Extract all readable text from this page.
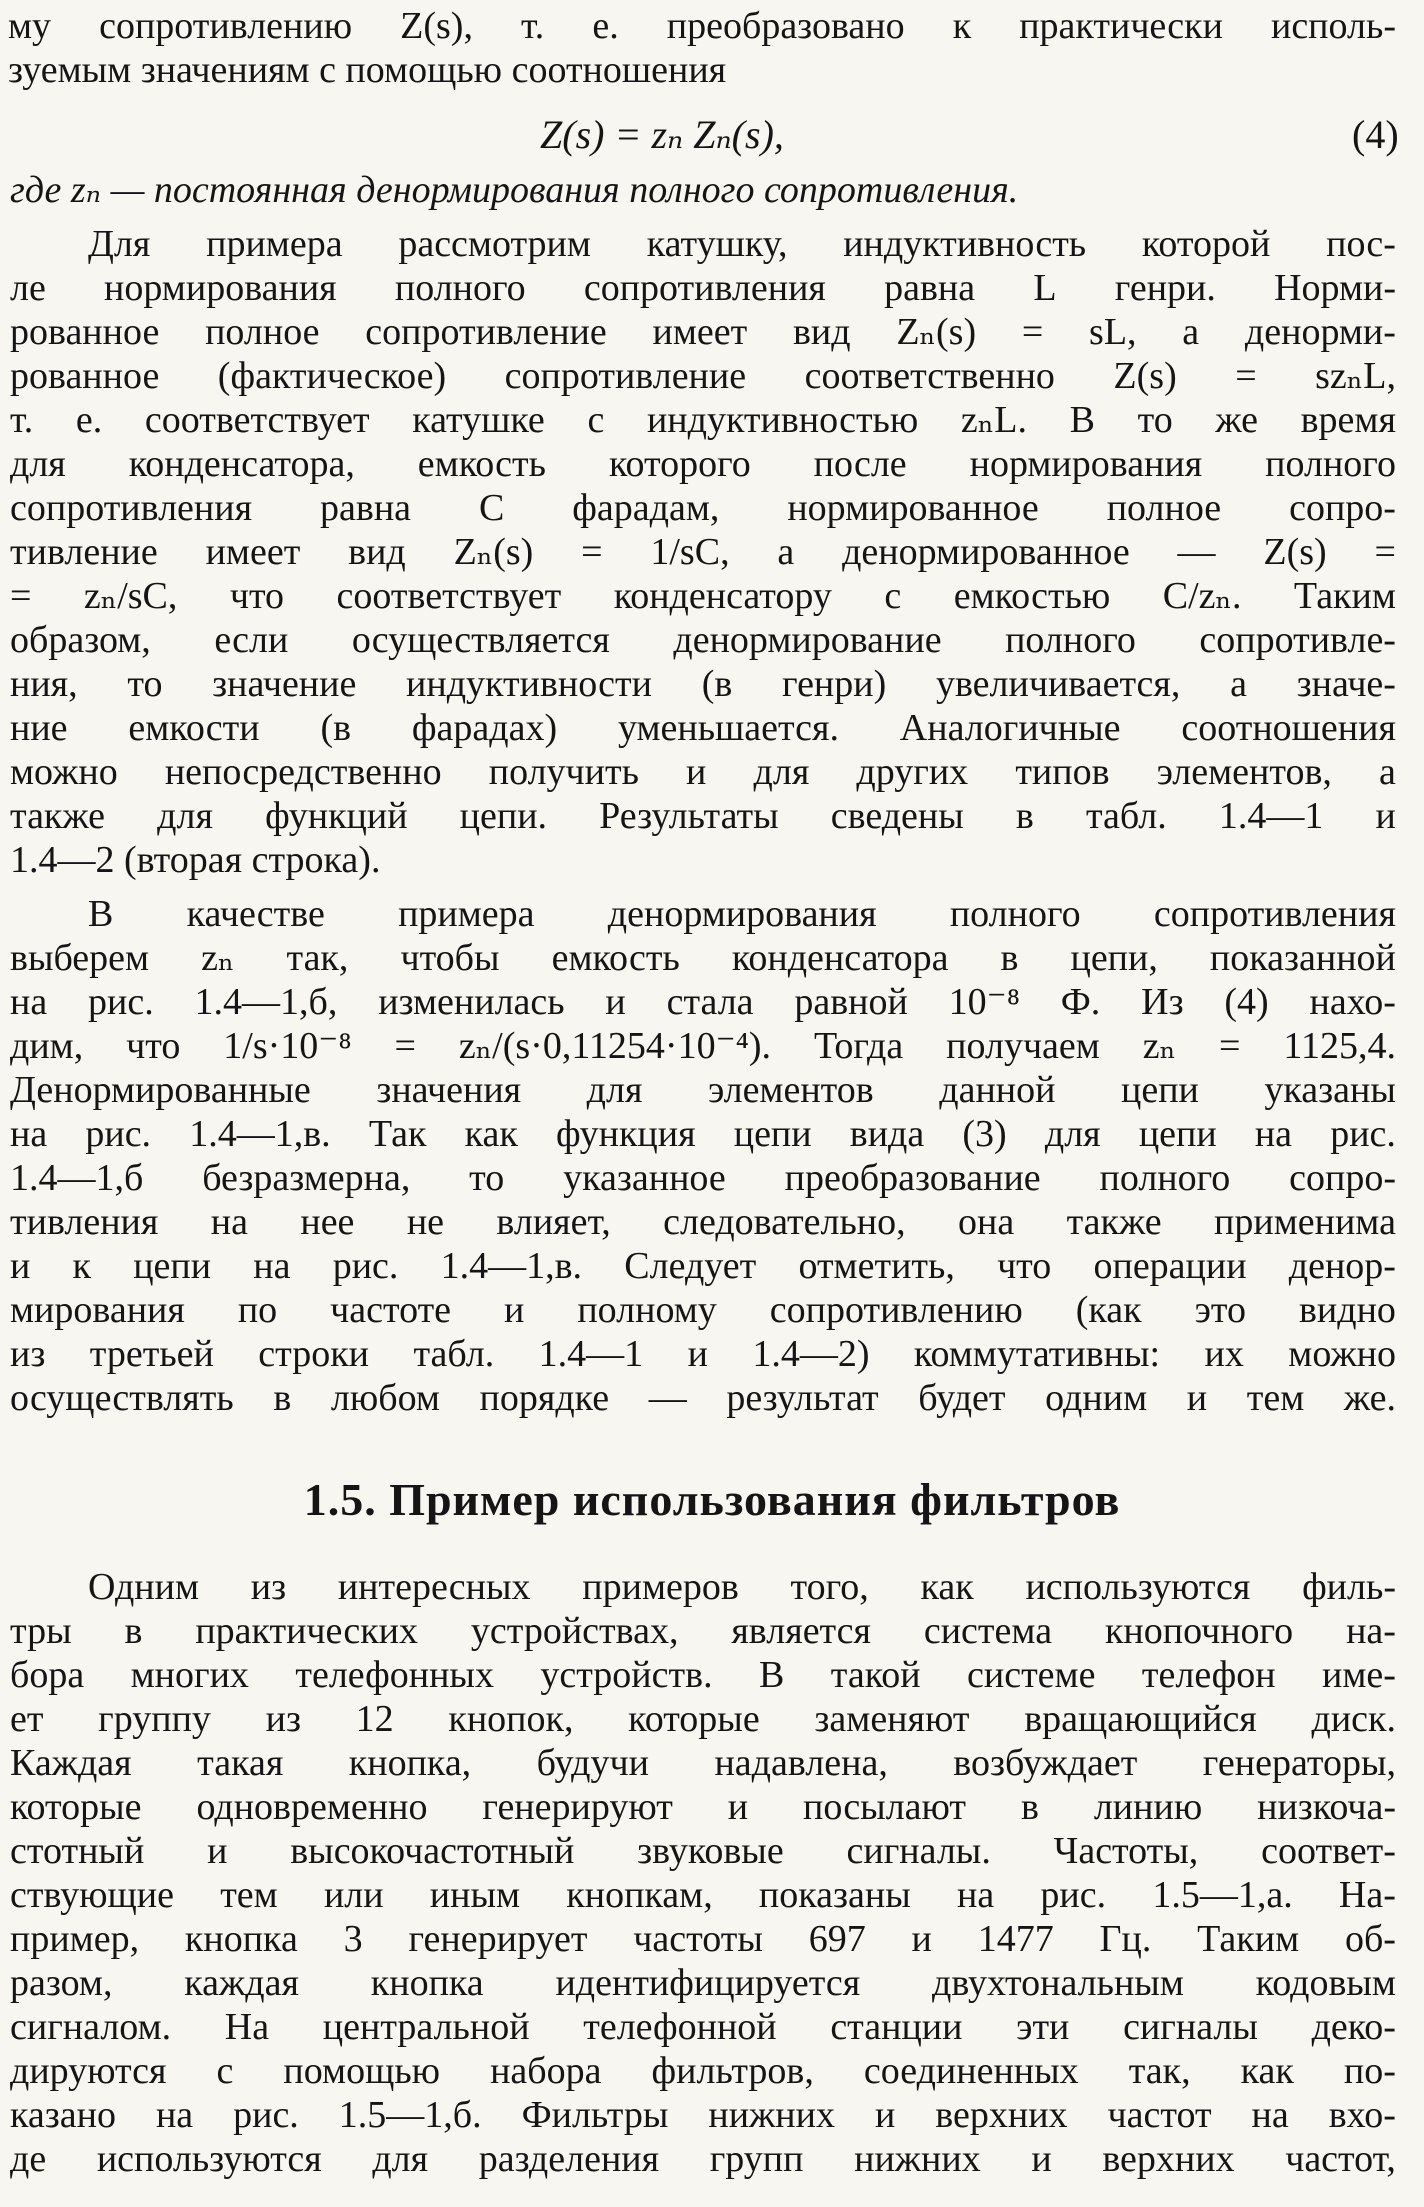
му сопротивлению Z(s), т. е. преобразовано к практически исполь-
зуемым значениям с помощью соотношения
Z(s) = zₙ Zₙ(s),	(4)
где zₙ — постоянная денормирования полного сопротивления.
Для примера рассмотрим катушку, индуктивность которой пос-
ле нормирования полного сопротивления равна L генри. Норми-
рованное полное сопротивление имеет вид Zₙ(s) = sL, а денорми-
рованное (фактическое) сопротивление соответственно Z(s) = szₙL,
т. е. соответствует катушке с индуктивностью zₙL. В то же время
для конденсатора, емкость которого после нормирования полного
сопротивления равна C фарадам, нормированное полное сопро-
тивление имеет вид Zₙ(s) = 1/sC, а денормированное — Z(s) =
= zₙ/sC, что соответствует конденсатору с емкостью C/zₙ. Таким
образом, если осуществляется денормирование полного сопротивле-
ния, то значение индуктивности (в генри) увеличивается, а значе-
ние емкости (в фарадах) уменьшается. Аналогичные соотношения
можно непосредственно получить и для других типов элементов, а
также для функций цепи. Результаты сведены в табл. 1.4—1 и
1.4—2 (вторая строка).
В качестве примера денормирования полного сопротивления
выберем zₙ так, чтобы емкость конденсатора в цепи, показанной
на рис. 1.4—1,б, изменилась и стала равной 10⁻⁸ Ф. Из (4) нахо-
дим, что 1/s·10⁻⁸ = zₙ/(s·0,11254·10⁻⁴). Тогда получаем zₙ = 1125,4.
Денормированные значения для элементов данной цепи указаны
на рис. 1.4—1,в. Так как функция цепи вида (3) для цепи на рис.
1.4—1,б безразмерна, то указанное преобразование полного сопро-
тивления на нее не влияет, следовательно, она также применима
и к цепи на рис. 1.4—1,в. Следует отметить, что операции денор-
мирования по частоте и полному сопротивлению (как это видно
из третьей строки табл. 1.4—1 и 1.4—2) коммутативны: их можно
осуществлять в любом порядке — результат будет одним и тем же.
1.5. Пример использования фильтров
Одним из интересных примеров того, как используются филь-
тры в практических устройствах, является система кнопочного на-
бора многих телефонных устройств. В такой системе телефон име-
ет группу из 12 кнопок, которые заменяют вращающийся диск.
Каждая такая кнопка, будучи надавлена, возбуждает генераторы,
которые одновременно генерируют и посылают в линию низкоча-
стотный и высокочастотный звуковые сигналы. Частоты, соответ-
ствующие тем или иным кнопкам, показаны на рис. 1.5—1,а. На-
пример, кнопка 3 генерирует частоты 697 и 1477 Гц. Таким об-
разом, каждая кнопка идентифицируется двухтональным кодовым
сигналом. На центральной телефонной станции эти сигналы деко-
дируются с помощью набора фильтров, соединенных так, как по-
казано на рис. 1.5—1,б. Фильтры нижних и верхних частот на вхо-
де используются для разделения групп нижних и верхних частот,
